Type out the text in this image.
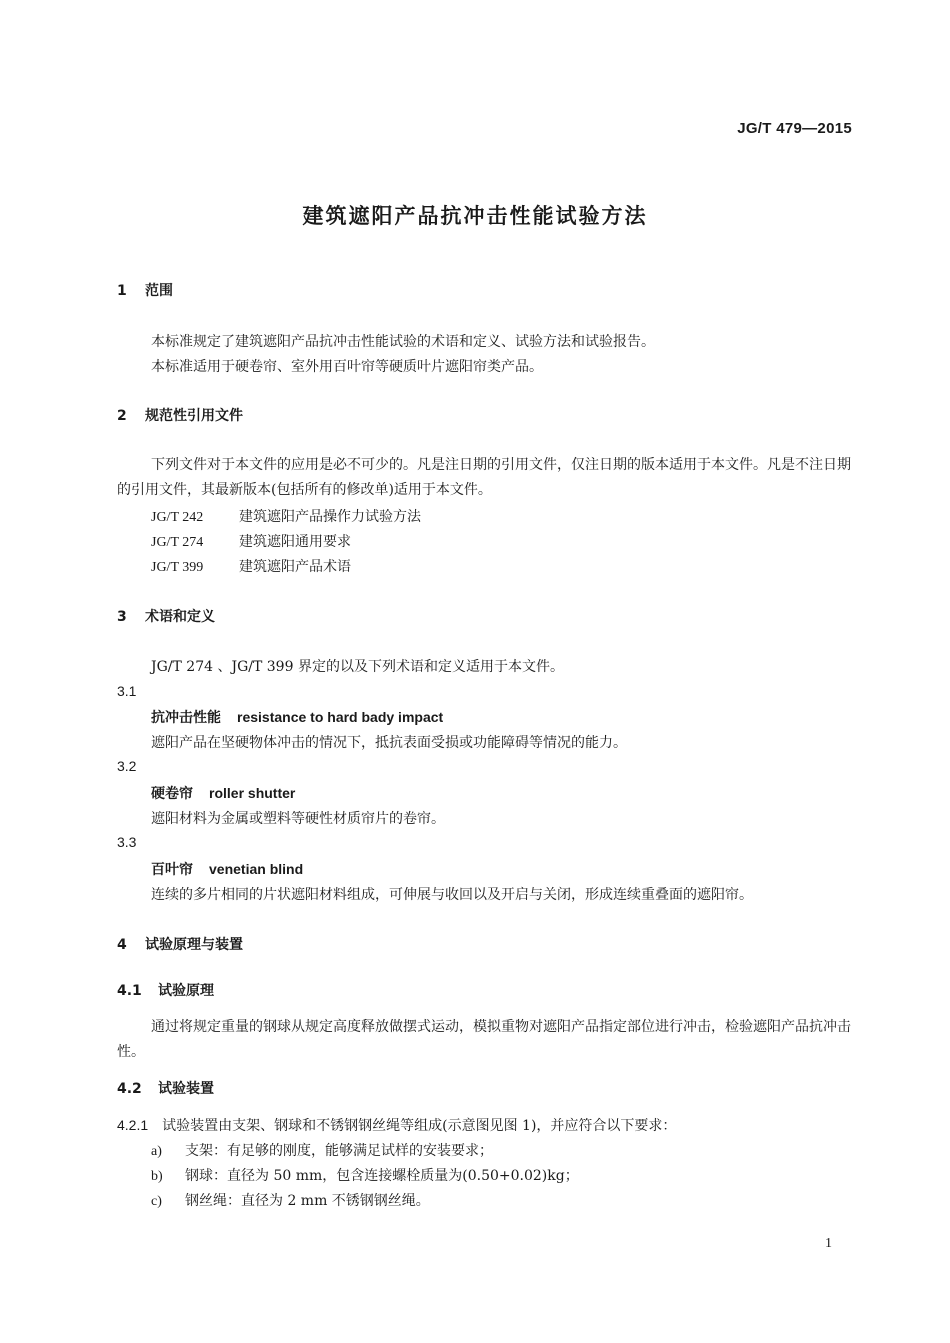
JG/T 479—2015
建筑遮阳产品抗冲击性能试验方法
1 范围
本标准规定了建筑遮阳产品抗冲击性能试验的术语和定义、试验方法和试验报告。
本标准适用于硬卷帘、室外用百叶帘等硬质叶片遮阳帘类产品。
2 规范性引用文件
下列文件对于本文件的应用是必不可少的。凡是注日期的引用文件，仅注日期的版本适用于本文件。凡是不注日期的引用文件，其最新版本(包括所有的修改单)适用于本文件。
JG/T 242	建筑遮阳产品操作力试验方法
JG/T 274	建筑遮阳通用要求
JG/T 399	建筑遮阳产品术语
3 术语和定义
JG/T 274 、JG/T 399 界定的以及下列术语和定义适用于本文件。
3.1
抗冲击性能 resistance to hard bady impact
遮阳产品在坚硬物体冲击的情况下，抵抗表面受损或功能障碍等情况的能力。
3.2
硬卷帘 roller shutter
遮阳材料为金属或塑料等硬性材质帘片的卷帘。
3.3
百叶帘 venetian blind
连续的多片相同的片状遮阳材料组成，可伸展与收回以及开启与关闭，形成连续重叠面的遮阳帘。
4 试验原理与装置
4.1 试验原理
通过将规定重量的钢球从规定高度释放做摆式运动，模拟重物对遮阳产品指定部位进行冲击，检验遮阳产品抗冲击性。
4.2 试验装置
4.2.1 试验装置由支架、钢球和不锈钢钢丝绳等组成(示意图见图 1)，并应符合以下要求：
a) 支架：有足够的刚度，能够满足试样的安装要求；
b) 钢球：直径为 50 mm，包含连接螺栓质量为(0.50+0.02)kg；
c) 钢丝绳：直径为 2 mm 不锈钢钢丝绳。
1
